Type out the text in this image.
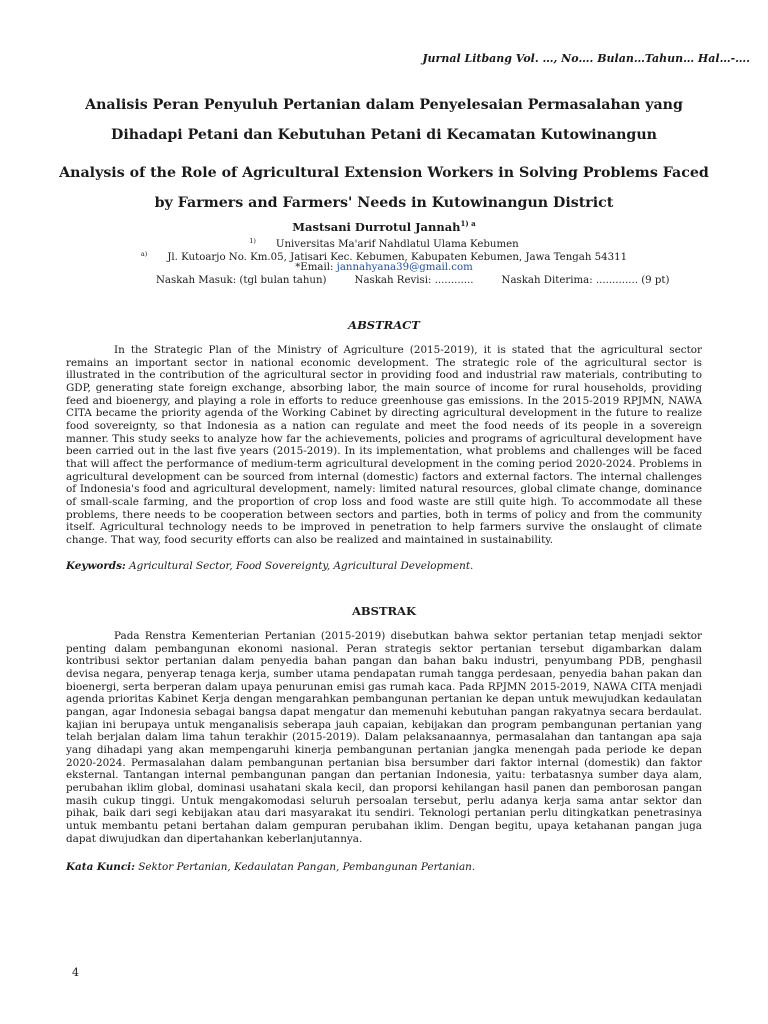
Jurnal Litbang Vol. …, No…. Bulan…Tahun… Hal…-….
Analisis Peran Penyuluh Pertanian dalam Penyelesaian Permasalahan yang Dihadapi Petani dan Kebutuhan Petani di Kecamatan Kutowinangun
Analysis of the Role of Agricultural Extension Workers in Solving Problems Faced by Farmers and Farmers' Needs in Kutowinangun District
Mastsani Durrotul Jannah$^{1) a}$
$^{1)}$ Universitas Ma'arif Nahdlatul Ulama Kebumen
$^{a)}$ Jl. Kutoarjo No. Km.05, Jatisari Kec. Kebumen, Kabupaten Kebumen, Jawa Tengah 54311
*Email: jannahyana39@gmail.com
Naskah Masuk: (tgl bulan tahun)	Naskah Revisi: ............	Naskah Diterima: ............. (9 pt)
ABSTRACT

In the Strategic Plan of the Ministry of Agriculture (2015-2019), it is stated that the agricultural sector remains an important sector in national economic development. The strategic role of the agricultural sector is illustrated in the contribution of the agricultural sector in providing food and industrial raw materials, contributing to GDP, generating state foreign exchange, absorbing labor, the main source of income for rural households, providing feed and bioenergy, and playing a role in efforts to reduce greenhouse gas emissions. In the 2015-2019 RPJMN, NAWA CITA became the priority agenda of the Working Cabinet by directing agricultural development in the future to realize food sovereignty, so that Indonesia as a nation can regulate and meet the food needs of its people in a sovereign manner. This study seeks to analyze how far the achievements, policies and programs of agricultural development have been carried out in the last five years (2015-2019). In its implementation, what problems and challenges will be faced that will affect the performance of medium-term agricultural development in the coming period 2020-2024. Problems in agricultural development can be sourced from internal (domestic) factors and external factors. The internal challenges of Indonesia's food and agricultural development, namely: limited natural resources, global climate change, dominance of small-scale farming, and the proportion of crop loss and food waste are still quite high. To accommodate all these problems, there needs to be cooperation between sectors and parties, both in terms of policy and from the community itself. Agricultural technology needs to be improved in penetration to help farmers survive the onslaught of climate change. That way, food security efforts can also be realized and maintained in sustainability.

Keywords: Agricultural Sector, Food Sovereignty, Agricultural Development.

ABSTRAK

Pada Renstra Kementerian Pertanian (2015-2019) disebutkan bahwa sektor pertanian tetap menjadi sektor penting dalam pembangunan ekonomi nasional. Peran strategis sektor pertanian tersebut digambarkan dalam kontribusi sektor pertanian dalam penyedia bahan pangan dan bahan baku industri, penyumbang PDB, penghasil devisa negara, penyerap tenaga kerja, sumber utama pendapatan rumah tangga perdesaan, penyedia bahan pakan dan bioenergi, serta berperan dalam upaya penurunan emisi gas rumah kaca. Pada RPJMN 2015-2019, NAWA CITA menjadi agenda prioritas Kabinet Kerja dengan mengarahkan pembangunan pertanian ke depan untuk mewujudkan kedaulatan pangan, agar Indonesia sebagai bangsa dapat mengatur dan memenuhi kebutuhan pangan rakyatnya secara berdaulat. kajian ini berupaya untuk menganalisis seberapa jauh capaian, kebijakan dan program pembangunan pertanian yang telah berjalan dalam lima tahun terakhir (2015-2019). Dalam pelaksanaannya, permasalahan dan tantangan apa saja yang dihadapi yang akan mempengaruhi kinerja pembangunan pertanian jangka menengah pada periode ke depan 2020-2024. Permasalahan dalam pembangunan pertanian bisa bersumber dari faktor internal (domestik) dan faktor eksternal. Tantangan internal pembangunan pangan dan pertanian Indonesia, yaitu: terbatasnya sumber daya alam, perubahan iklim global, dominasi usahatani skala kecil, dan proporsi kehilangan hasil panen dan pemborosan pangan masih cukup tinggi. Untuk mengakomodasi seluruh persoalan tersebut, perlu adanya kerja sama antar sektor dan pihak, baik dari segi kebijakan atau dari masyarakat itu sendiri. Teknologi pertanian perlu ditingkatkan penetrasinya untuk membantu petani bertahan dalam gempuran perubahan iklim. Dengan begitu, upaya ketahanan pangan juga dapat diwujudkan dan dipertahankan keberlanjutannya.

Kata Kunci: Sektor Pertanian, Kedaulatan Pangan, Pembangunan Pertanian.

4
